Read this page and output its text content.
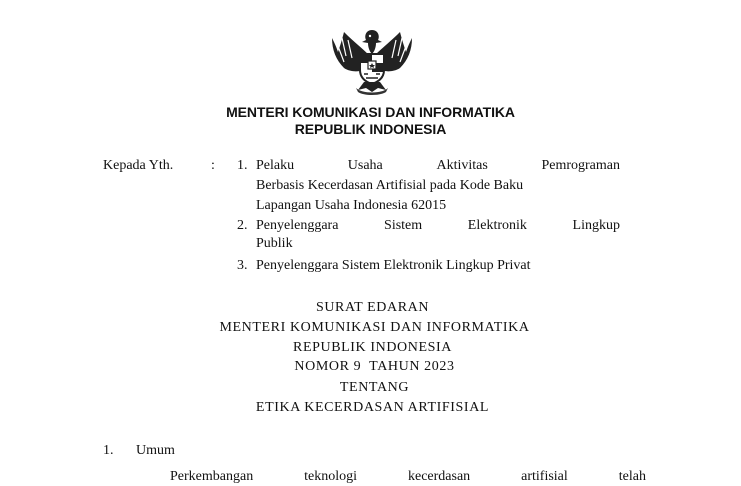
MENTERI KOMUNIKASI DAN INFORMATIKA
REPUBLIK INDONESIA
Kepada Yth.	: 1. Pelaku	Usaha	Aktivitas	Pemrograman
Berbasis Kecerdasan Artifisial pada Kode Baku
Lapangan Usaha Indonesia 62015
2. Penyelenggara	Sistem	Elektronik	Lingkup
Publik
3. Penyelenggara Sistem Elektronik Lingkup Privat
SURAT EDARAN
MENTERI KOMUNIKASI DAN INFORMATIKA
REPUBLIK INDONESIA
NOMOR 9  TAHUN 2023
TENTANG
ETIKA KECERDASAN ARTIFISIAL
1. Umum
Perkembangan	teknologi	kecerdasan	artifisial	telah
